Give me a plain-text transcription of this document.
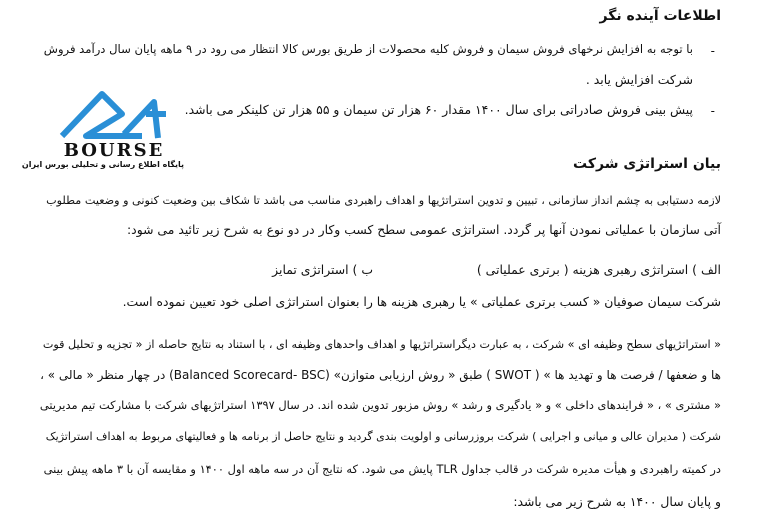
اطلاعات آینده نگر
-
با توجه به افزایش نرخهای فروش سیمان و فروش کلیه محصولات از طریق بورس کالا انتظار می رود در ۹ ماهه پایان سال درآمد فروش
شرکت افزایش یابد .
-
پیش بینی فروش صادراتی برای سال ۱۴۰۰ مقدار ۶۰ هزار تن سیمان و ۵۵ هزار تن کلینکر می باشد.
BOURSE
پایگاه اطلاع رسانی و تحلیلی بورس ایران	بیان استراتژی شرکت
لازمه دستیابی به چشم انداز سازمانی ، تبیین و تدوین استراتژیها و اهداف راهبردی مناسب می باشد تا شکاف بین وضعیت کنونی و وضعیت مطلوب
آتی سازمان با عملیاتی نمودن آنها پر گردد. استراتژی عمومی سطح کسب وکار در دو نوع به شرح زیر تائید می شود:
الف ) استراتژی رهبری هزینه ( برتری عملیاتی )
ب ) استراتژی تمایز
شرکت سیمان صوفیان « کسب برتری عملیاتی » یا رهبری هزینه ها را بعنوان استراتژی اصلی خود تعیین نموده است.
« استراتژیهای سطح وظیفه ای » شرکت ، به عبارت دیگراستراتژیها و اهداف واحدهای وظیفه ای ، با استناد به نتایج حاصله از « تجزیه و تحلیل قوت
ها و ضعفها / فرصت ها و تهدید ها » ( SWOT ) طبق « روش ارزیابی متوازن» (Balanced Scorecard- BSC) در چهار منظر « مالی » ،
« مشتری » ، « فرایندهای داخلی » و « یادگیری و رشد » روش مزبور تدوین شده اند. در سال ۱۳۹۷ استراتژیهای شرکت با مشارکت تیم مدیریتی
شرکت ( مدیران عالی و میانی و اجرایی ) شرکت بروزرسانی و اولویت بندی گردید و نتایج حاصل از برنامه ها و فعالیتهای مربوط به اهداف استراتژیک
در کمیته راهبردی و هیأت مدیره شرکت در قالب جداول TLR پایش می شود. که نتایج آن در سه ماهه اول ۱۴۰۰ و مقایسه آن با ۳ ماهه پیش بینی
و پایان سال ۱۴۰۰ به شرح زیر می باشد:
